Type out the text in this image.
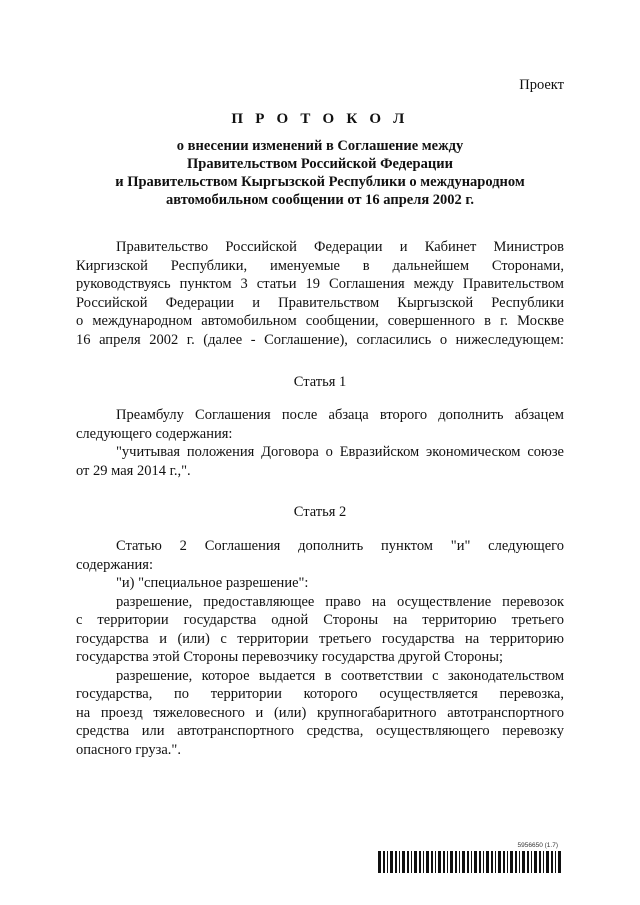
Проект

П Р О Т О К О Л

о внесении изменений в Соглашение между
Правительством Российской Федерации
и Правительством Кыргызской Республики о международном
автомобильном сообщении от 16 апреля 2002 г.
Правительство Российской Федерации и Кабинет Министров
Киргизской Республики, именуемые в дальнейшем Сторонами,
руководствуясь пунктом 3 статьи 19 Соглашения между Правительством
Российской Федерации и Правительством Кыргызской Республики
о международном автомобильном сообщении, совершенного в г. Москве
16 апреля 2002 г. (далее - Соглашение), согласились о нижеследующем:

Статья 1

Преамбулу Соглашения после абзаца второго дополнить абзацем
следующего содержания:
"учитывая положения Договора о Евразийском экономическом союзе
от 29 мая 2014 г.,".

Статья 2

Статью 2 Соглашения дополнить пунктом "и" следующего
содержания:
"и) "специальное разрешение":
разрешение, предоставляющее право на осуществление перевозок
с территории государства одной Стороны на территорию третьего
государства и (или) с территории третьего государства на территорию
государства этой Стороны перевозчику государства другой Стороны;
разрешение, которое выдается в соответствии с законодательством
государства, по территории которого осуществляется перевозка,
на проезд тяжеловесного и (или) крупногабаритного автотранспортного
средства или автотранспортного средства, осуществляющего перевозку
опасного груза.".
5956650 (1.7)
